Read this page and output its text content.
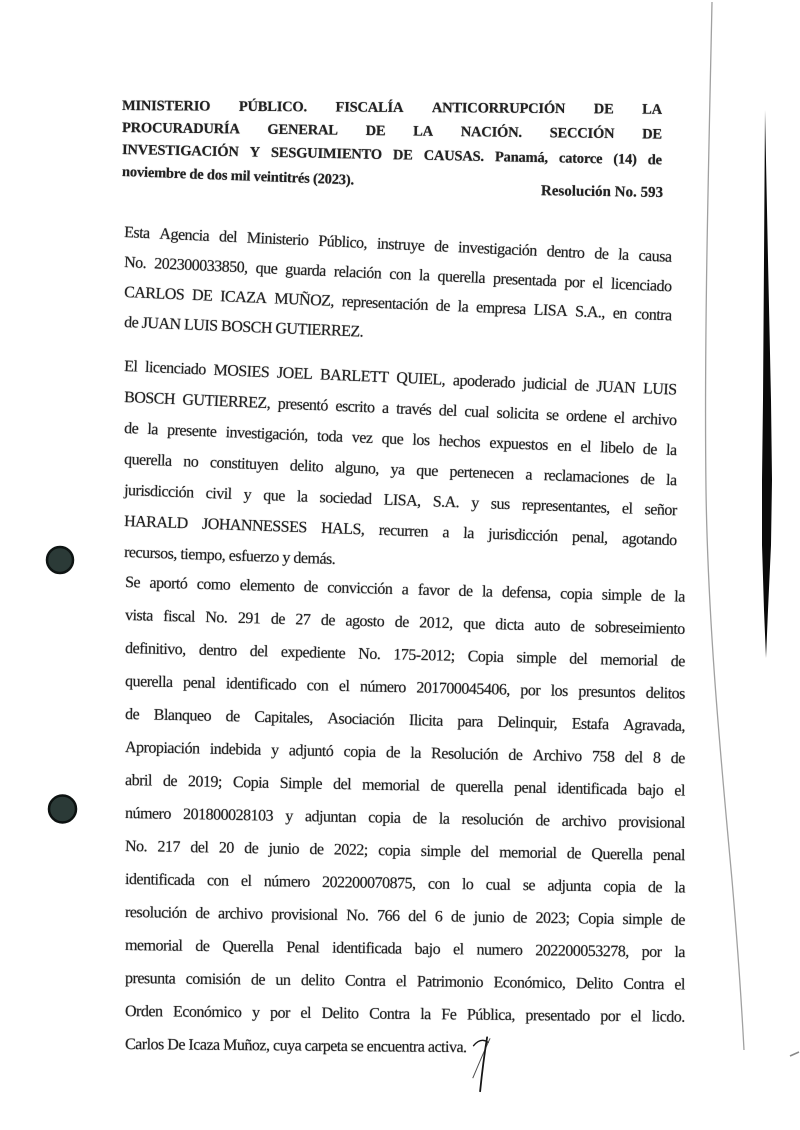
MINISTERIO PÚBLICO. FISCALÍA ANTICORRUPCIÓN DE LA
PROCURADURÍA GENERAL DE LA NACIÓN. SECCIÓN DE
INVESTIGACIÓN Y SESGUIMIENTO DE CAUSAS. Panamá, catorce (14) de
noviembre de dos mil veintitrés (2023).
Resolución No. 593
Esta Agencia del Ministerio Público, instruye de investigación dentro de la causa
No. 202300033850, que guarda relación con la querella presentada por el licenciado
CARLOS DE ICAZA MUÑOZ, representación de la empresa LISA S.A., en contra
de JUAN LUIS BOSCH GUTIERREZ.
El licenciado MOSIES JOEL BARLETT QUIEL, apoderado judicial de JUAN LUIS
BOSCH GUTIERREZ, presentó escrito a través del cual solicita se ordene el archivo
de la presente investigación, toda vez que los hechos expuestos en el libelo de la
querella no constituyen delito alguno, ya que pertenecen a reclamaciones de la
jurisdicción civil y que la sociedad LISA, S.A. y sus representantes, el señor
HARALD JOHANNESSES HALS, recurren a la jurisdicción penal, agotando
recursos, tiempo, esfuerzo y demás.
Se aportó como elemento de convicción a favor de la defensa, copia simple de la
vista fiscal No. 291 de 27 de agosto de 2012, que dicta auto de sobreseimiento
definitivo, dentro del expediente No. 175-2012; Copia simple del memorial de
querella penal identificado con el número 201700045406, por los presuntos delitos
de Blanqueo de Capitales, Asociación Ilicita para Delinquir, Estafa Agravada,
Apropiación indebida y adjuntó copia de la Resolución de Archivo 758 del 8 de
abril de 2019; Copia Simple del memorial de querella penal identificada bajo el
número 201800028103 y adjuntan copia de la resolución de archivo provisional
No. 217 del 20 de junio de 2022; copia simple del memorial de Querella penal
identificada con el número 202200070875, con lo cual se adjunta copia de la
resolución de archivo provisional No. 766 del 6 de junio de 2023; Copia simple de
memorial de Querella Penal identificada bajo el numero 202200053278, por la
presunta comisión de un delito Contra el Patrimonio Económico, Delito Contra el
Orden Económico y por el Delito Contra la Fe Pública, presentado por el licdo.
Carlos De Icaza Muñoz, cuya carpeta se encuentra activa.
